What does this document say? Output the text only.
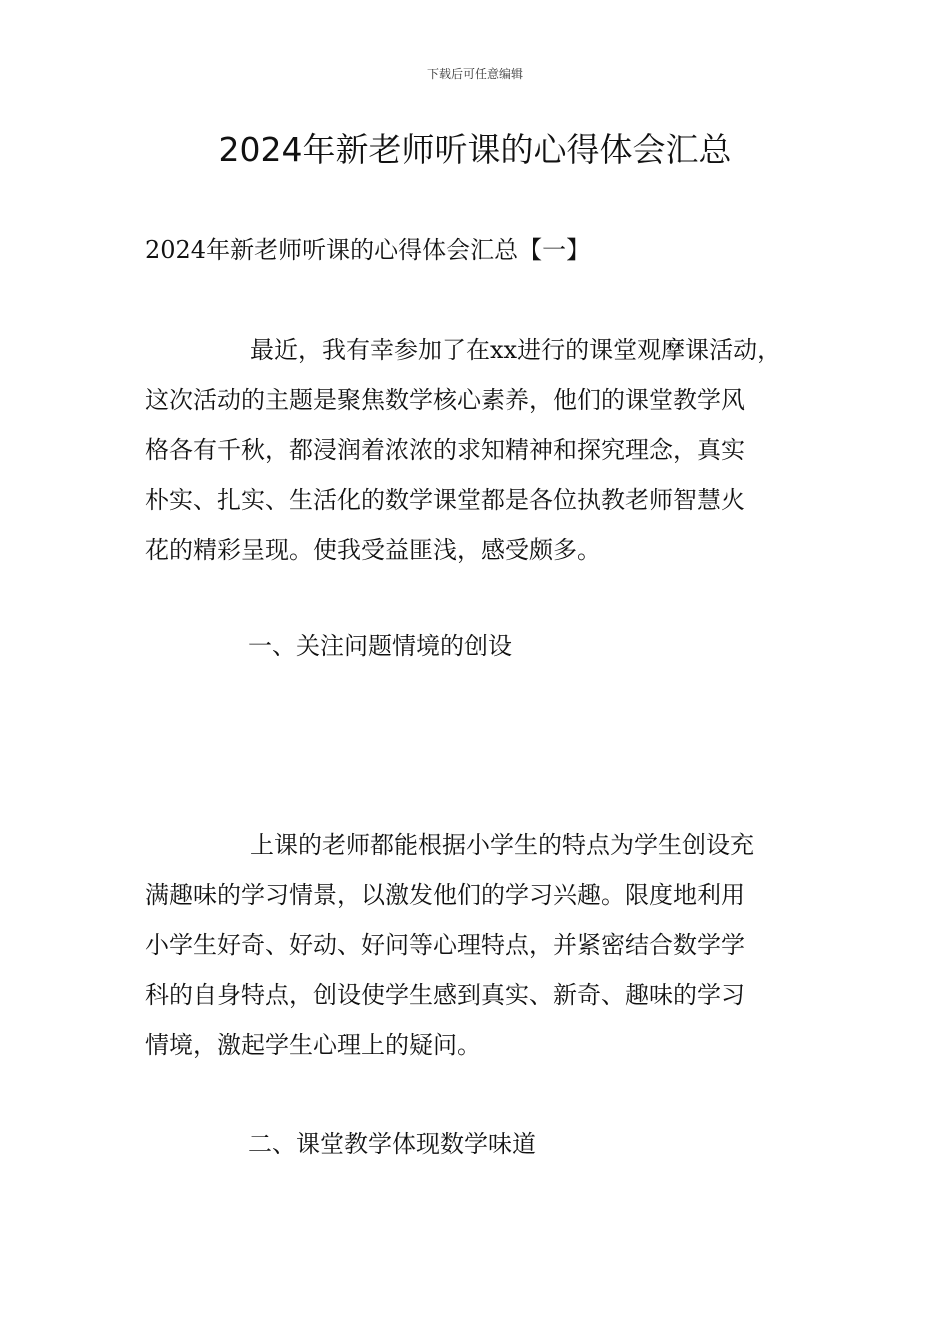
下载后可任意编辑
2024年新老师听课的心得体会汇总

2024年新老师听课的心得体会汇总【一】

最近，我有幸参加了在xx进行的课堂观摩课活动，
这次活动的主题是聚焦数学核心素养，他们的课堂教学风
格各有千秋，都浸润着浓浓的求知精神和探究理念，真实
朴实、扎实、生活化的数学课堂都是各位执教老师智慧火
花的精彩呈现。使我受益匪浅，感受颇多。

一、关注问题情境的创设

上课的老师都能根据小学生的特点为学生创设充
满趣味的学习情景，以激发他们的学习兴趣。限度地利用
小学生好奇、好动、好问等心理特点，并紧密结合数学学
科的自身特点，创设使学生感到真实、新奇、趣味的学习
情境，激起学生心理上的疑问。

二、课堂教学体现数学味道
